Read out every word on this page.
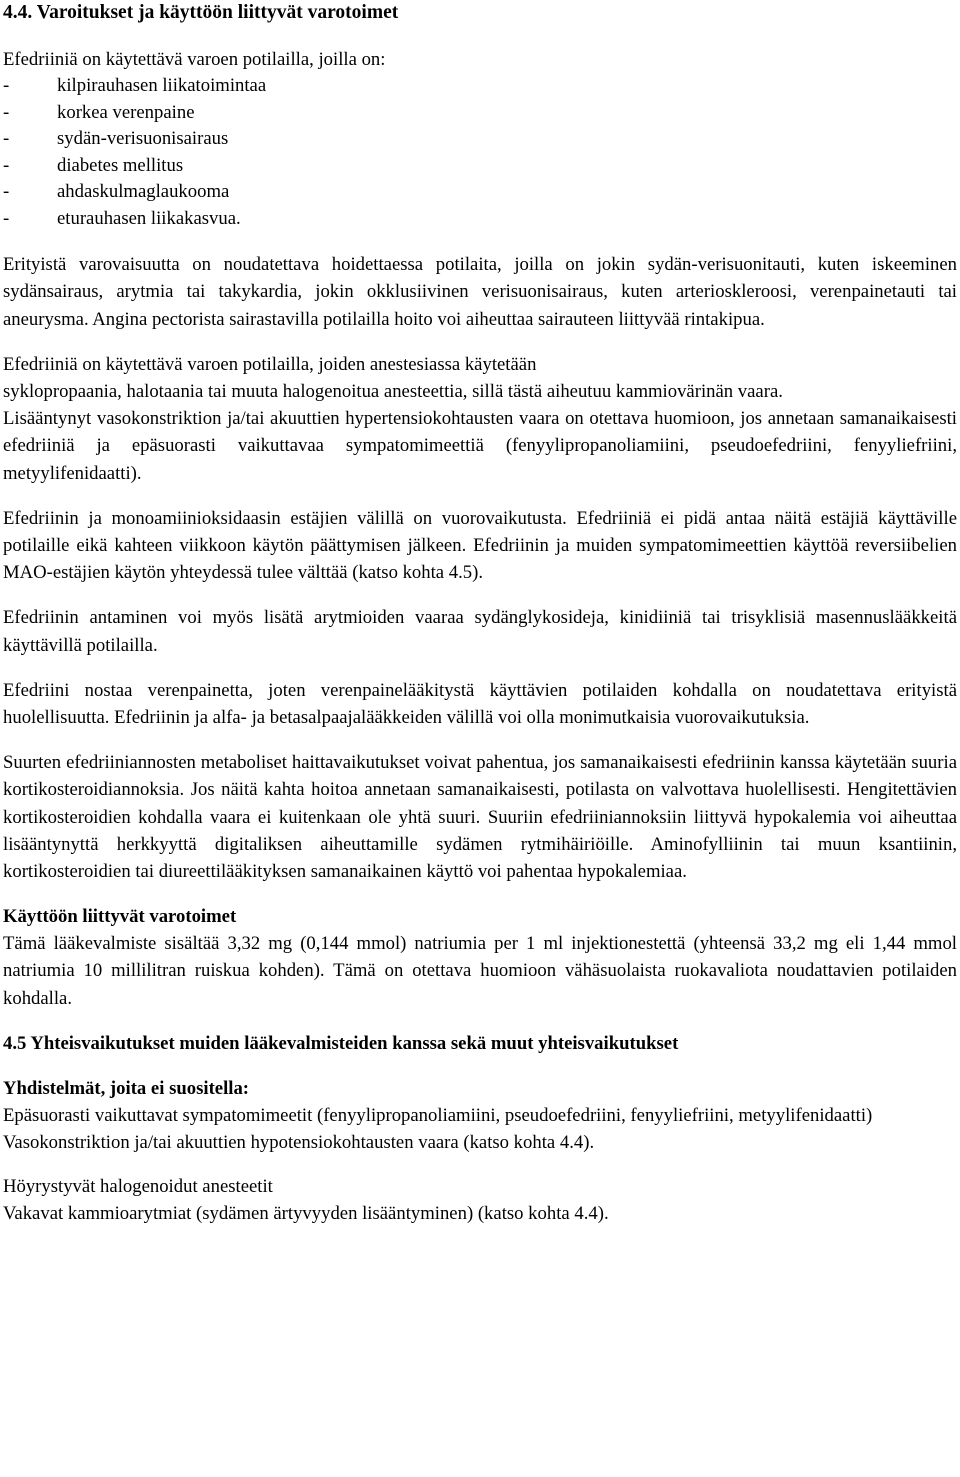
4.4. Varoitukset ja käyttöön liittyvät varotoimet

Efedriiniä on käytettävä varoen potilailla, joilla on:

-	kilpirauhasen liikatoimintaa
-	korkea verenpaine
-	sydän-verisuonisairaus
-	diabetes mellitus
-	ahdaskulmaglaukooma
-	eturauhasen liikakasvua.

Erityistä varovaisuutta on noudatettava hoidettaessa potilaita, joilla on jokin sydän-verisuonitauti, kuten iskeeminen sydänsairaus, arytmia tai takykardia, jokin okklusiivinen verisuonisairaus, kuten arterioskleroosi, verenpainetauti tai aneurysma. Angina pectorista sairastavilla potilailla hoito voi aiheuttaa sairauteen liittyvää rintakipua.

Efedriiniä on käytettävä varoen potilailla, joiden anestesiassa käytetään

syklopropaania, halotaania tai muuta halogenoitua anesteettia, sillä tästä aiheutuu kammiovärinän vaara.

Lisääntynyt vasokonstriktion ja/tai akuuttien hypertensiokohtausten vaara on otettava huomioon, jos annetaan samanaikaisesti efedriiniä ja epäsuorasti vaikuttavaa sympatomimeettiä (fenyylipropanoliamiini, pseudoefedriini, fenyyliefriini, metyylifenidaatti).

Efedriinin ja monoamiinioksidaasin estäjien välillä on vuorovaikutusta. Efedriiniä ei pidä antaa näitä estäjiä käyttäville potilaille eikä kahteen viikkoon käytön päättymisen jälkeen. Efedriinin ja muiden sympatomimeettien käyttöä reversiibelien MAO-estäjien käytön yhteydessä tulee välttää (katso kohta 4.5).

Efedriinin antaminen voi myös lisätä arytmioiden vaaraa sydänglykosideja, kinidiiniä tai trisyklisiä masennuslääkkeitä käyttävillä potilailla.

Efedriini nostaa verenpainetta, joten verenpainelääkitystä käyttävien potilaiden kohdalla on noudatettava erityistä huolellisuutta. Efedriinin ja alfa- ja betasalpaajalääkkeiden välillä voi olla monimutkaisia vuorovaikutuksia.

Suurten efedriiniannosten metaboliset haittavaikutukset voivat pahentua, jos samanaikaisesti efedriinin kanssa käytetään suuria kortikosteroidiannoksia. Jos näitä kahta hoitoa annetaan samanaikaisesti, potilasta on valvottava huolellisesti. Hengitettävien kortikosteroidien kohdalla vaara ei kuitenkaan ole yhtä suuri. Suuriin efedriiniannoksiin liittyvä hypokalemia voi aiheuttaa lisääntynyttä herkkyyttä digitaliksen aiheuttamille sydämen rytmihäiriöille. Aminofylliinin tai muun ksantiinin, kortikosteroidien tai diureettilääkityksen samanaikainen käyttö voi pahentaa hypokalemiaa.

Käyttöön liittyvät varotoimet

Tämä lääkevalmiste sisältää 3,32 mg (0,144 mmol) natriumia per 1 ml injektionestettä (yhteensä 33,2 mg eli 1,44 mmol natriumia 10 millilitran ruiskua kohden). Tämä on otettava huomioon vähäsuolaista ruokavaliota noudattavien potilaiden kohdalla.

4.5 Yhteisvaikutukset muiden lääkevalmisteiden kanssa sekä muut yhteisvaikutukset
Yhdistelmät, joita ei suositella:

Epäsuorasti vaikuttavat sympatomimeetit (fenyylipropanoliamiini, pseudoefedriini, fenyyliefriini, metyylifenidaatti)

Vasokonstriktion ja/tai akuuttien hypotensiokohtausten vaara (katso kohta 4.4).

Höyrystyvät halogenoidut anesteetit

Vakavat kammioarytmiat (sydämen ärtyvyyden lisääntyminen) (katso kohta 4.4).
